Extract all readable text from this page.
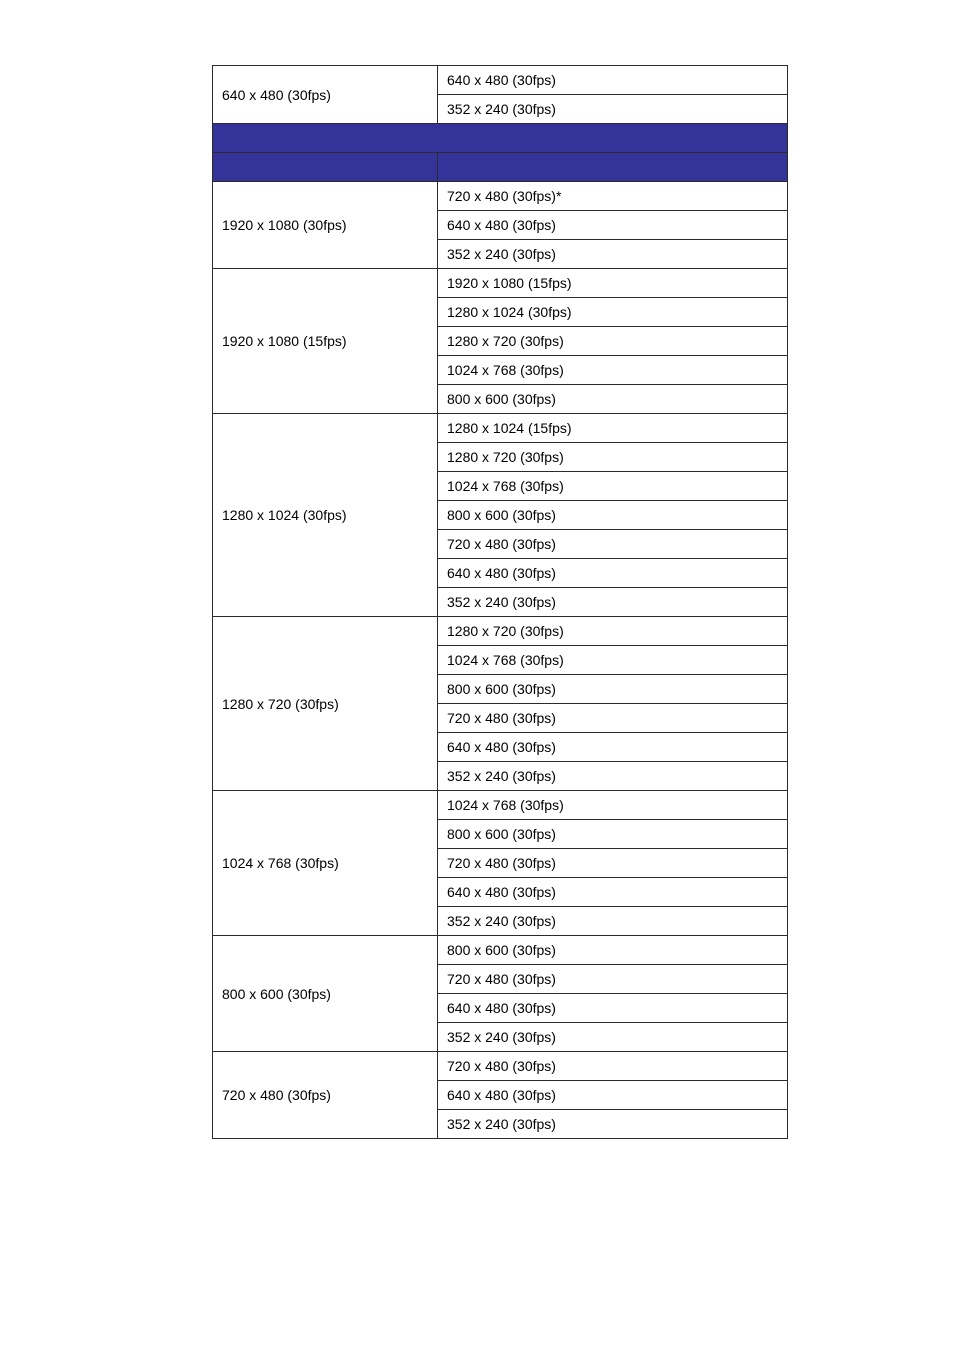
640 x 480 (30fps)	640 x 480 (30fps)
	352 x 240 (30fps)

1920 x 1080 (30fps)	720 x 480 (30fps)*
	640 x 480 (30fps)
	352 x 240 (30fps)
1920 x 1080 (15fps)	1920 x 1080 (15fps)
	1280 x 1024 (30fps)
	1280 x 720 (30fps)
	1024 x 768 (30fps)
	800 x 600 (30fps)
1280 x 1024 (30fps)	1280 x 1024 (15fps)
	1280 x 720 (30fps)
	1024 x 768 (30fps)
	800 x 600 (30fps)
	720 x 480 (30fps)
	640 x 480 (30fps)
	352 x 240 (30fps)
1280 x 720 (30fps)	1280 x 720 (30fps)
	1024 x 768 (30fps)
	800 x 600 (30fps)
	720 x 480 (30fps)
	640 x 480 (30fps)
	352 x 240 (30fps)
1024 x 768 (30fps)	1024 x 768 (30fps)
	800 x 600 (30fps)
	720 x 480 (30fps)
	640 x 480 (30fps)
	352 x 240 (30fps)
800 x 600 (30fps)	800 x 600 (30fps)
	720 x 480 (30fps)
	640 x 480 (30fps)
	352 x 240 (30fps)
720 x 480 (30fps)	720 x 480 (30fps)
	640 x 480 (30fps)
	352 x 240 (30fps)
